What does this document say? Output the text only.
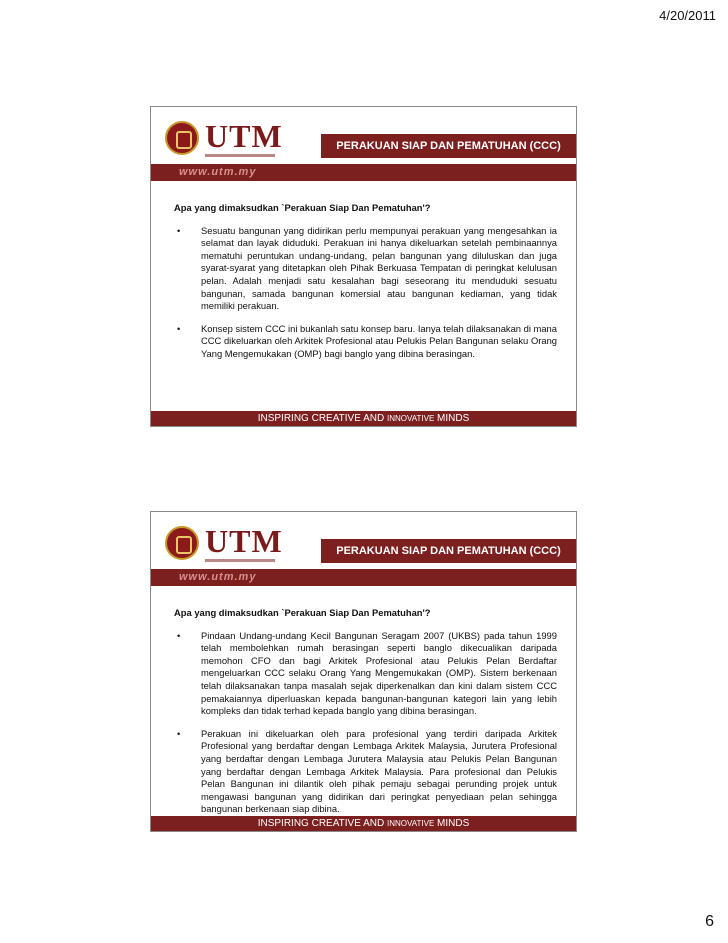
4/20/2011
UTM	PERAKUAN SIAP DAN PEMATUHAN (CCC)
www.utm.my
Apa yang dimaksudkan `Perakuan Siap Dan Pematuhan'?
• Sesuatu bangunan yang didirikan perlu mempunyai perakuan yang mengesahkan ia selamat dan layak diduduki. Perakuan ini hanya dikeluarkan setelah pembinaannya mematuhi peruntukan undang-undang, pelan bangunan yang diluluskan dan juga syarat-syarat yang ditetapkan oleh Pihak Berkuasa Tempatan di peringkat kelulusan pelan. Adalah menjadi satu kesalahan bagi seseorang itu menduduki sesuatu bangunan, samada bangunan komersial atau bangunan kediaman, yang tidak memiliki perakuan.
• Konsep sistem CCC ini bukanlah satu konsep baru. Ianya telah dilaksanakan di mana CCC dikeluarkan oleh Arkitek Profesional atau Pelukis Pelan Bangunan selaku Orang Yang Mengemukakan (OMP) bagi banglo yang dibina berasingan.
INSPIRING CREATIVE AND INNOVATIVE MINDS
UTM	PERAKUAN SIAP DAN PEMATUHAN (CCC)
www.utm.my
Apa yang dimaksudkan `Perakuan Siap Dan Pematuhan'?
• Pindaan Undang-undang Kecil Bangunan Seragam 2007 (UKBS) pada tahun 1999 telah membolehkan rumah berasingan seperti banglo dikecualikan daripada memohon CFO dan bagi Arkitek Profesional atau Pelukis Pelan Berdaftar mengeluarkan CCC selaku Orang Yang Mengemukakan (OMP). Sistem berkenaan telah dilaksanakan tanpa masalah sejak diperkenalkan dan kini dalam sistem CCC pemakaiannya diperluaskan kepada bangunan-bangunan kategori lain yang lebih kompleks dan tidak terhad kepada banglo yang dibina berasingan.
• Perakuan ini dikeluarkan oleh para profesional yang terdiri daripada Arkitek Profesional yang berdaftar dengan Lembaga Arkitek Malaysia, Jurutera Profesional yang berdaftar dengan Lembaga Jurutera Malaysia atau Pelukis Pelan Bangunan yang berdaftar dengan Lembaga Arkitek Malaysia. Para profesional dan Pelukis Pelan Bangunan ini dilantik oleh pihak pemaju sebagai perunding projek untuk mengawasi bangunan yang didirikan dari peringkat penyediaan pelan sehingga bangunan berkenaan siap dibina.
INSPIRING CREATIVE AND INNOVATIVE MINDS
6
